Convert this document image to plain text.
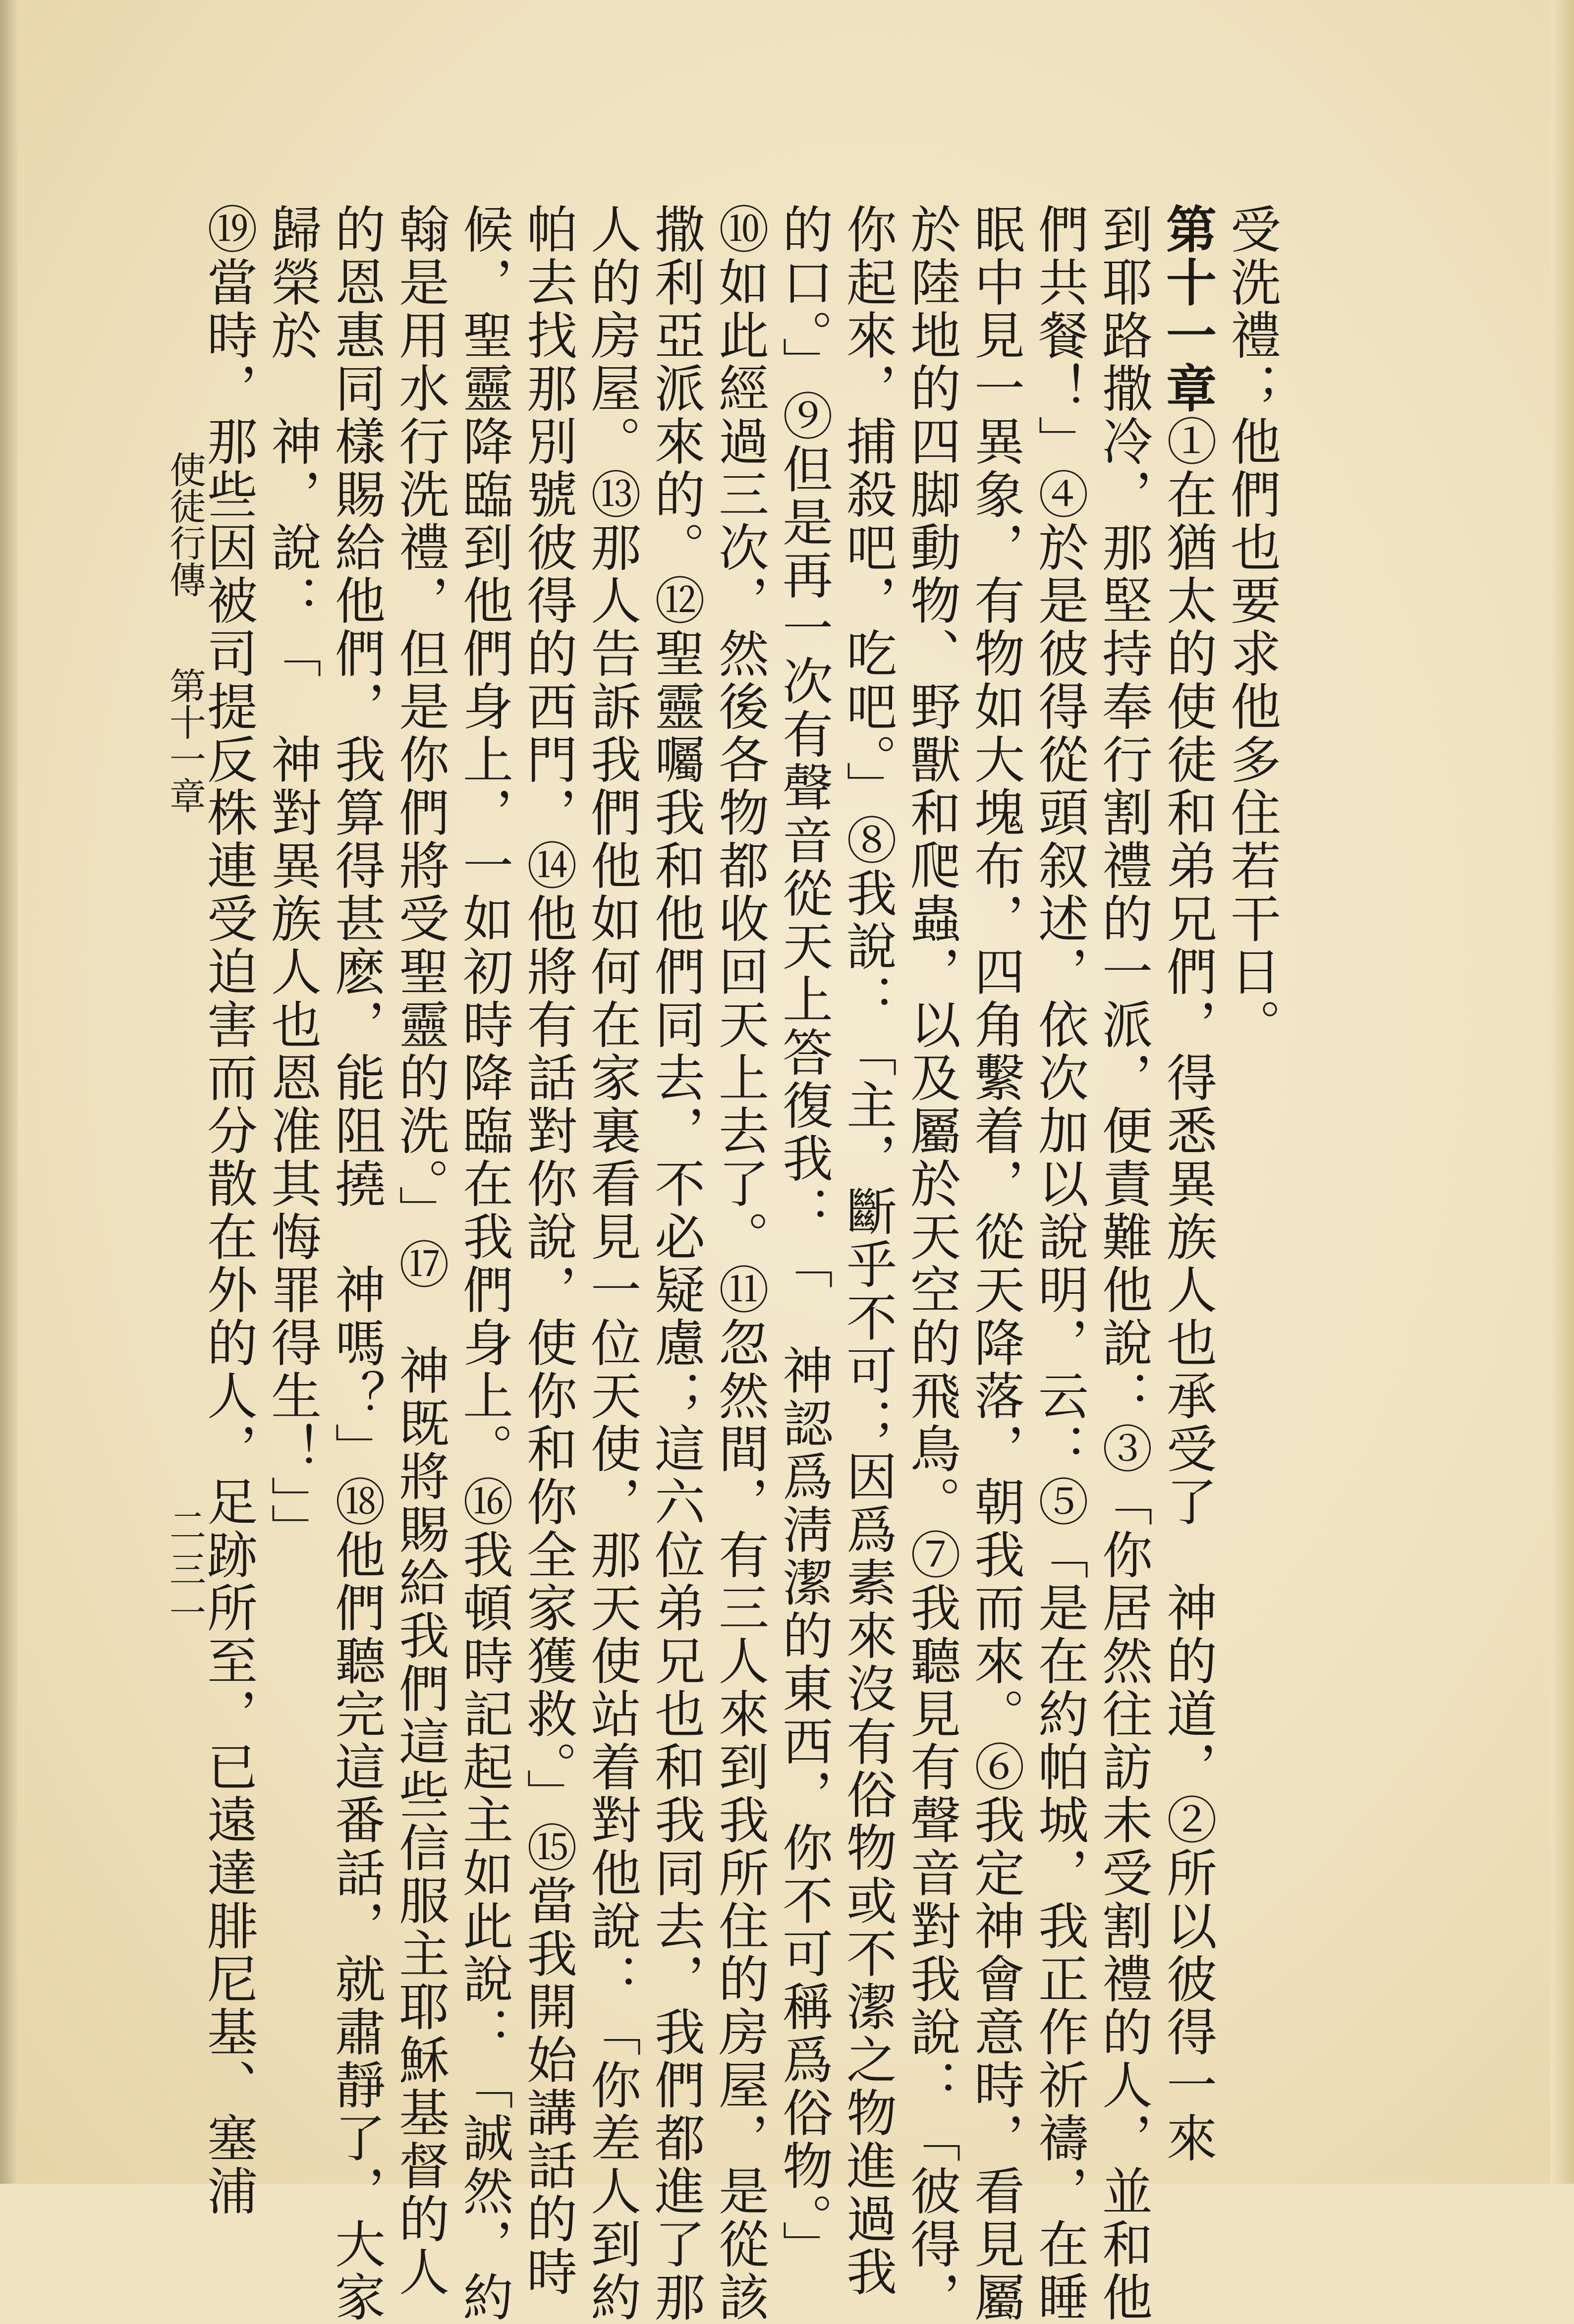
受洗禮；他們也要求他多住若干日。
第十一章①在猶太的使徒和弟兄們，得悉異族人也承受了　神的道，②所以彼得一來
到耶路撒冷，那堅持奉行割禮的一派，便責難他說：③「你居然往訪未受割禮的人，並和他
們共餐！」④於是彼得從頭叙述，依次加以說明，云：⑤「是在約帕城，我正作祈禱，在睡
眠中見一異象，有物如大塊布，四角繫着，從天降落，朝我而來。⑥我定神會意時，看見屬
於陸地的四脚動物、野獸和爬蟲，以及屬於天空的飛鳥。⑦我聽見有聲音對我說：「彼得，
你起來，捕殺吧，吃吧。」⑧我說：「主，斷乎不可；因爲素來沒有俗物或不潔之物進過我
的口。」⑨但是再一次有聲音從天上答復我：「　神認爲淸潔的東西，你不可稱爲俗物。」
⑩如此經過三次，然後各物都收回天上去了。⑪忽然間，有三人來到我所住的房屋，是從該
撒利亞派來的。⑫聖靈囑我和他們同去，不必疑慮；這六位弟兄也和我同去，我們都進了那
人的房屋。⑬那人告訴我們他如何在家裏看見一位天使，那天使站着對他說：「你差人到約
帕去找那別號彼得的西門，⑭他將有話對你說，使你和你全家獲救。」⑮當我開始講話的時
候，聖靈降臨到他們身上，一如初時降臨在我們身上。⑯我頓時記起主如此說：「誠然，約
翰是用水行洗禮，但是你們將受聖靈的洗。」⑰　神既將賜給我們這些信服主耶穌基督的人
的恩惠同樣賜給他們，我算得甚麽，能阻撓　神嗎？」⑱他們聽完這番話，就肅靜了，大家
歸榮於　神，說：「　神對異族人也恩准其悔罪得生！」」
⑲當時，那些因被司提反株連受迫害而分散在外的人，足跡所至，已遠達腓尼基、塞浦
使徒行傳第十一章
二三一
